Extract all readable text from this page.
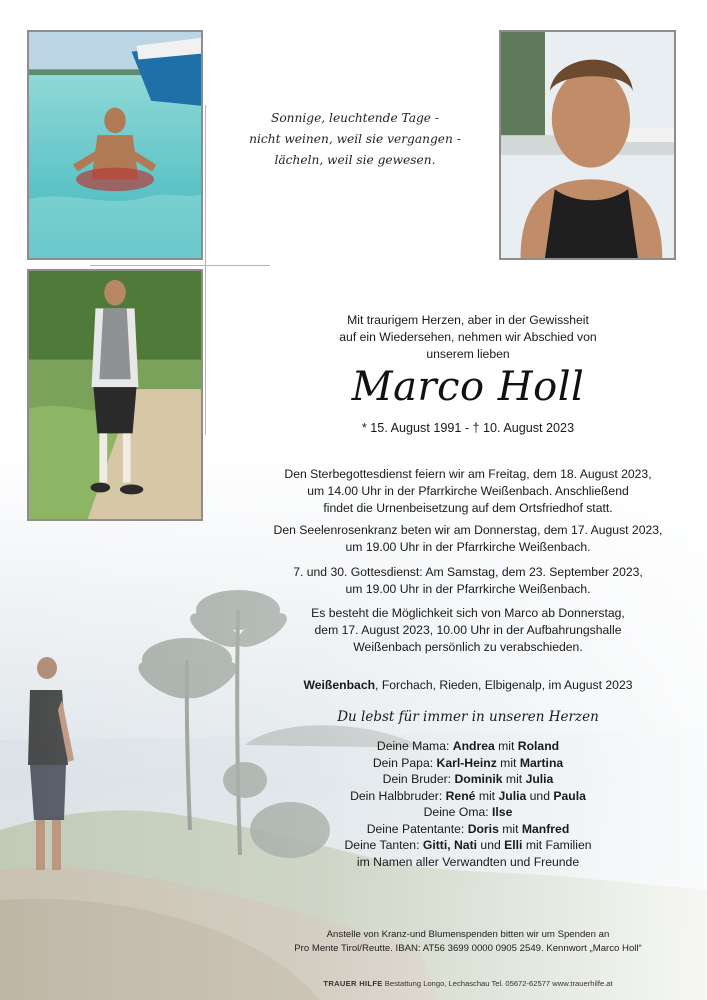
Sonnige, leuchtende Tage -
nicht weinen, weil sie vergangen -
lächeln, weil sie gewesen.
Mit traurigem Herzen, aber in der Gewissheit
auf ein Wiedersehen, nehmen wir Abschied von
unserem lieben
Marco Holl
* 15. August 1991 - † 10. August 2023
Den Sterbegottesdienst feiern wir am Freitag, dem 18. August 2023,
um 14.00 Uhr in der Pfarrkirche Weißenbach. Anschließend
findet die Urnenbeisetzung auf dem Ortsfriedhof statt.
Den Seelenrosenkranz beten wir am Donnerstag, dem 17. August 2023,
um 19.00 Uhr in der Pfarrkirche Weißenbach.
7. und 30. Gottesdienst: Am Samstag, dem 23. September 2023,
um 19.00 Uhr in der Pfarrkirche Weißenbach.
Es besteht die Möglichkeit sich von Marco ab Donnerstag,
dem 17. August 2023, 10.00 Uhr in der Aufbahrungshalle
Weißenbach persönlich zu verabschieden.
Weißenbach, Forchach, Rieden, Elbigenalp, im August 2023
Du lebst für immer in unseren Herzen
Deine Mama: Andrea mit Roland
Dein Papa: Karl-Heinz mit Martina
Dein Bruder: Dominik mit Julia
Dein Halbbruder: René mit Julia und Paula
Deine Oma: Ilse
Deine Patentante: Doris mit Manfred
Deine Tanten: Gitti, Nati und Elli mit Familien
im Namen aller Verwandten und Freunde
Anstelle von Kranz-und Blumenspenden bitten wir um Spenden an
Pro Mente Tirol/Reutte. IBAN: AT56 3699 0000 0905 2549. Kennwort „Marco Holl“
TRAUER HILFE Bestattung Longo, Lechaschau Tel. 05672-62577 www.trauerhilfe.at
